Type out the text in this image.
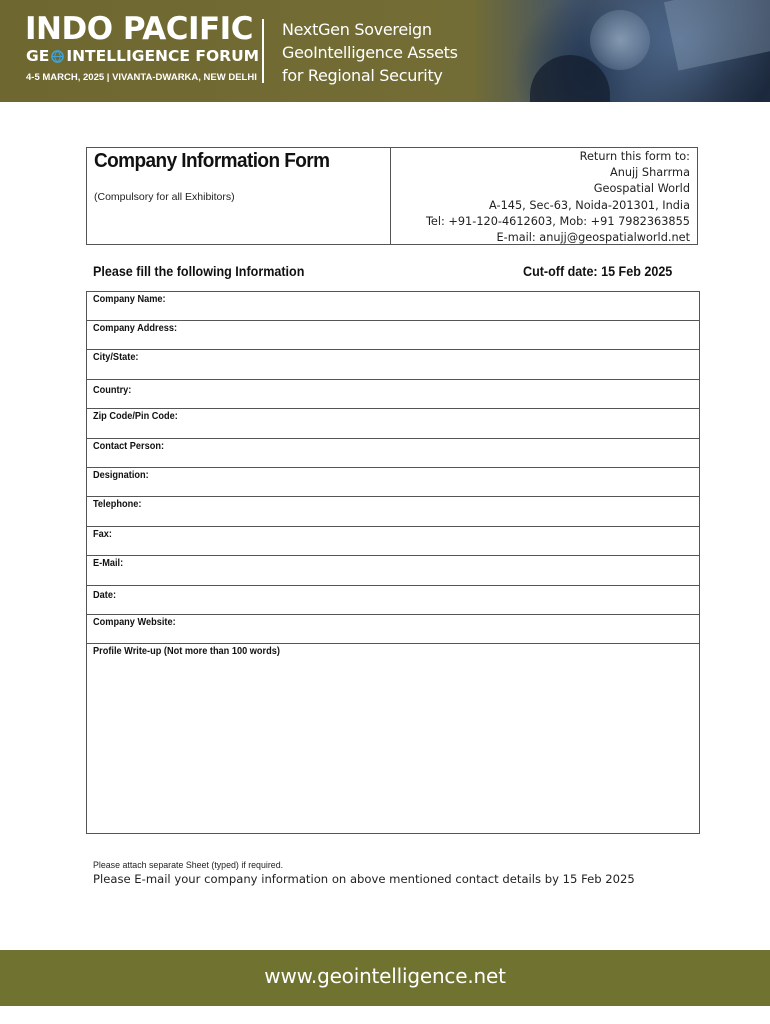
INDO PACIFIC
GE INTELLIGENCE FORUM
4-5 MARCH, 2025 | VIVANTA-DWARKA, NEW DELHI
NextGen Sovereign
GeoIntelligence Assets
for Regional Security
Company Information Form
(Compulsory for all Exhibitors)
Return this form to:
Anujj Sharrma
Geospatial World
A-145, Sec-63, Noida-201301, India
Tel: +91-120-4612603, Mob: +91 7982363855
E-mail: anujj@geospatialworld.net
Please fill the following Information	Cut-off date: 15 Feb 2025
Company Name:
Company Address:
City/State:
Country:
Zip Code/Pin Code:
Contact Person:
Designation:
Telephone:
Fax:
E-Mail:
Date:
Company Website:
Profile Write-up (Not more than 100 words)
Please attach separate Sheet (typed) if required.
Please E-mail your company information on above mentioned contact details by 15 Feb 2025
www.geointelligence.net
